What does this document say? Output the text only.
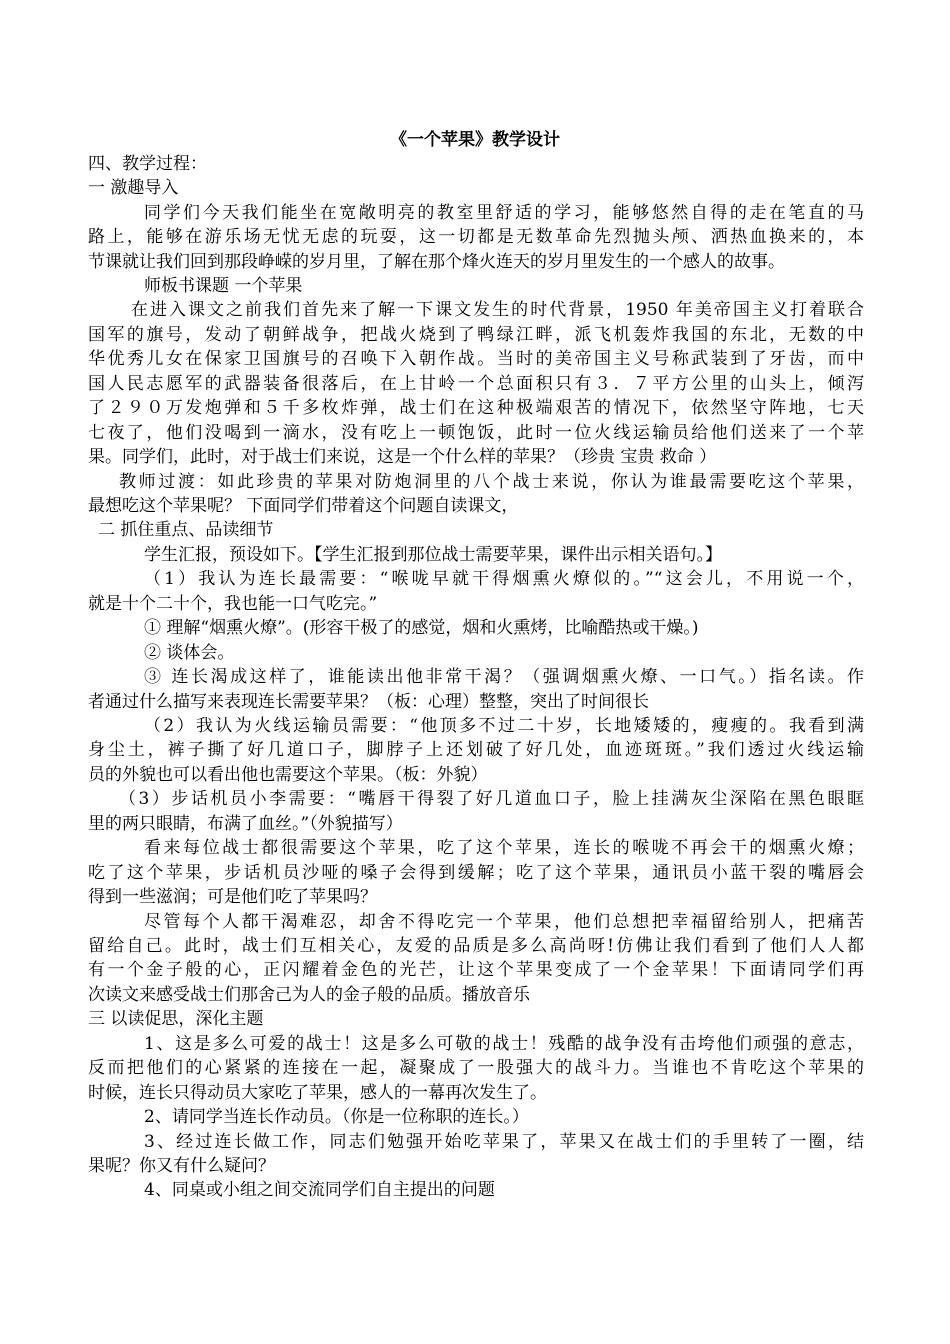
《一个苹果》教学设计
四、教学过程：
一 激趣导入
同学们今天我们能坐在宽敞明亮的教室里舒适的学习，能够悠然自得的走在笔直的马
路上，能够在游乐场无忧无虑的玩耍，这一切都是无数革命先烈抛头颅、洒热血换来的，本
节课就让我们回到那段峥嵘的岁月里，了解在那个烽火连天的岁月里发生的一个感人的故事。
师板书课题 一个苹果
在进入课文之前我们首先来了解一下课文发生的时代背景，1950 年美帝国主义打着联合
国军的旗号，发动了朝鲜战争，把战火烧到了鸭绿江畔，派飞机轰炸我国的东北，无数的中
华优秀儿女在保家卫国旗号的召唤下入朝作战。当时的美帝国主义号称武装到了牙齿，而中
国人民志愿军的武器装备很落后，在上甘岭一个总面积只有３．７平方公里的山头上，倾泻
了２９０万发炮弹和５千多枚炸弹，战士们在这种极端艰苦的情况下，依然坚守阵地，七天
七夜了，他们没喝到一滴水，没有吃上一顿饱饭，此时一位火线运输员给他们送来了一个苹
果。同学们，此时，对于战士们来说，这是一个什么样的苹果？（珍贵 宝贵 救命 ）
教师过渡：如此珍贵的苹果对防炮洞里的八个战士来说，你认为谁最需要吃这个苹果，
最想吃这个苹果呢？ 下面同学们带着这个问题自读课文，
二 抓住重点、品读细节
学生汇报，预设如下。【学生汇报到那位战士需要苹果，课件出示相关语句。】
（1）我认为连长最需要：“喉咙早就干得烟熏火燎似的。”“这会儿，不用说一个，
就是十个二十个，我也能一口气吃完。”
① 理解“烟熏火燎”。(形容干极了的感觉，烟和火熏烤，比喻酷热或干燥。)
② 谈体会。
③ 连长渴成这样了，谁能读出他非常干渴？（强调烟熏火燎、一口气。）指名读。作
者通过什么描写来表现连长需要苹果？（板：心理）整整，突出了时间很长
（2）我认为火线运输员需要：“他顶多不过二十岁，长地矮矮的，瘦瘦的。我看到满
身尘土，裤子撕了好几道口子，脚脖子上还划破了好几处，血迹斑斑。”我们透过火线运输
员的外貌也可以看出他也需要这个苹果。（板：外貌）
（3）步话机员小李需要：“嘴唇干得裂了好几道血口子，脸上挂满灰尘深陷在黑色眼眶
里的两只眼睛，布满了血丝。”（外貌描写）
看来每位战士都很需要这个苹果，吃了这个苹果，连长的喉咙不再会干的烟熏火燎；
吃了这个苹果，步话机员沙哑的嗓子会得到缓解；吃了这个苹果，通讯员小蓝干裂的嘴唇会
得到一些滋润；可是他们吃了苹果吗？
尽管每个人都干渴难忍，却舍不得吃完一个苹果，他们总想把幸福留给别人，把痛苦
留给自己。此时，战士们互相关心，友爱的品质是多么高尚呀!仿佛让我们看到了他们人人都
有一个金子般的心，正闪耀着金色的光芒，让这个苹果变成了一个金苹果！下面请同学们再
次读文来感受战士们那舍己为人的金子般的品质。播放音乐
三 以读促思，深化主题
1、这是多么可爱的战士！这是多么可敬的战士！残酷的战争没有击垮他们顽强的意志，
反而把他们的心紧紧的连接在一起，凝聚成了一股强大的战斗力。当谁也不肯吃这个苹果的
时候，连长只得动员大家吃了苹果，感人的一幕再次发生了。
2、请同学当连长作动员。（你是一位称职的连长。）
3、经过连长做工作，同志们勉强开始吃苹果了，苹果又在战士们的手里转了一圈，结
果呢？你又有什么疑问？
4、同桌或小组之间交流同学们自主提出的问题
